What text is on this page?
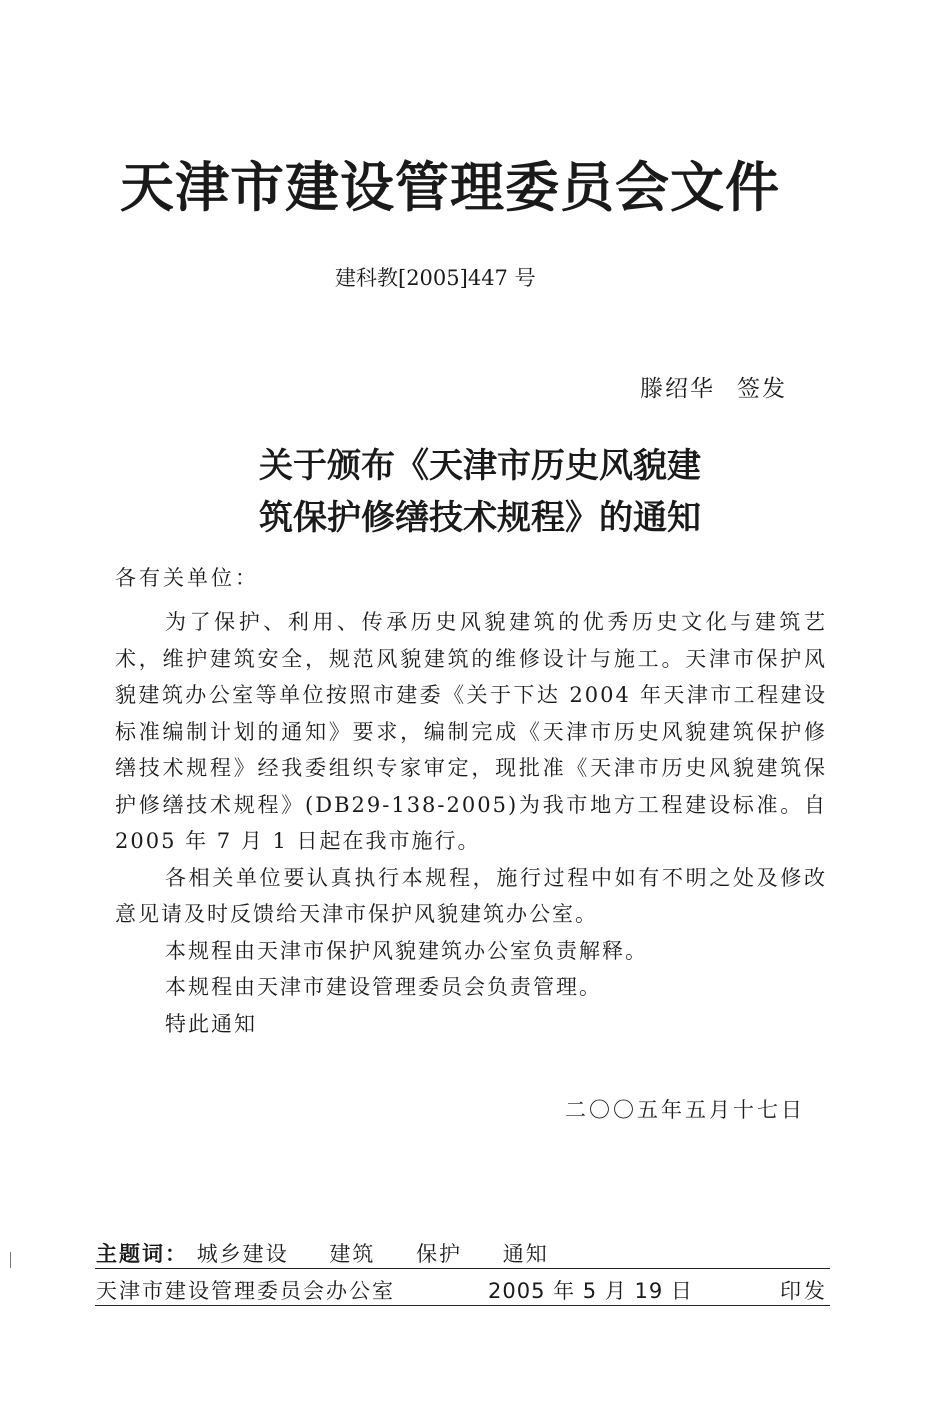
天津市建设管理委员会文件
建科教[2005]447 号
滕绍华 签发
关于颁布《天津市历史风貌建
筑保护修缮技术规程》的通知
各有关单位：

为了保护、利用、传承历史风貌建筑的优秀历史文化与建筑艺术，维护建筑安全，规范风貌建筑的维修设计与施工。天津市保护风貌建筑办公室等单位按照市建委《关于下达 2004 年天津市工程建设标准编制计划的通知》要求，编制完成《天津市历史风貌建筑保护修缮技术规程》经我委组织专家审定，现批准《天津市历史风貌建筑保护修缮技术规程》(DB29-138-2005)为我市地方工程建设标准。自 2005 年 7 月 1 日起在我市施行。

各相关单位要认真执行本规程，施行过程中如有不明之处及修改意见请及时反馈给天津市保护风貌建筑办公室。

本规程由天津市保护风貌建筑办公室负责解释。

本规程由天津市建设管理委员会负责管理。

特此通知

二〇〇五年五月十七日
主题词： 城乡建设 建筑 保护 通知
天津市建设管理委员会办公室	2005 年 5 月 19 日	印发
